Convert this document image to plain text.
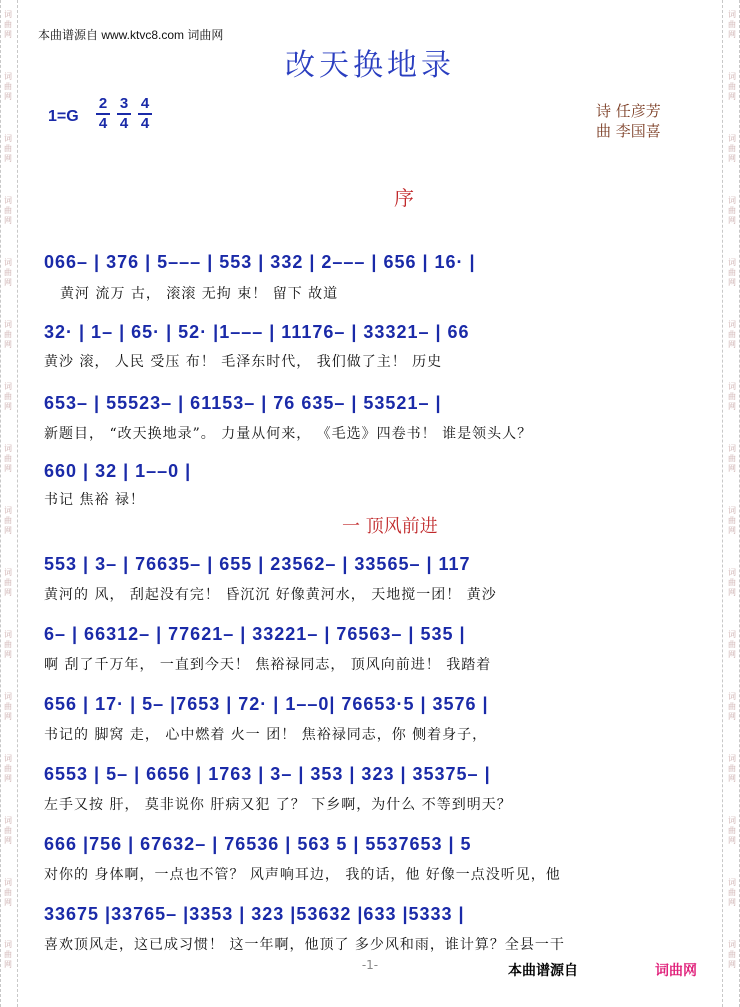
词
曲
网
词
曲
网
词
曲
网
词
曲
网
词
曲
网
词
曲
网
词
曲
网
词
曲
网
词
曲
网
词
曲
网
词
曲
网
词
曲
网
词
曲
网
词
曲
网
词
曲
网
词
曲
网
词
曲
网
词
曲
网
词
曲
网
词
曲
网
词
曲
网
词
曲
网
词
曲
网
词
曲
网
词
曲
网
词
曲
网
词
曲
网
词
曲
网
词
曲
网
词
曲
网
词
曲
网
词
曲
网
本曲谱源自 www.ktvc8.com 词曲网
改天换地录
1=G
2
4
3
4
4
4
诗 任彦芳
曲 李国喜
序
一 顶风前进
066– | 376 | 5––– | 553 | 332 | 2––– | 656 | 16· |
黄河 流万 古， 滚滚 无拘 束！ 留下 故道
32· | 1– | 65· | 52· |1––– | 11176– | 33321– | 66
黄沙 滚， 人民 受压 布！ 毛泽东时代， 我们做了主！ 历史
653– | 55523– | 61153– | 76 635– | 53521– |
新题目， “改天换地录”。 力量从何来， 《毛选》四卷书！ 谁是领头人？
660 | 32 | 1––0 |
书记 焦裕 禄！
553 | 3– | 76635– | 655 | 23562– | 33565– | 117
黄河的 风， 刮起没有完！ 昏沉沉 好像黄河水， 天地搅一团！ 黄沙
6– | 66312– | 77621– | 33221– | 76563– | 535 |
啊 刮了千万年， 一直到今天！ 焦裕禄同志， 顶风向前进！ 我踏着
656 | 17· | 5– |7653 | 72· | 1––0| 76653·5 | 3576 |
书记的 脚窝 走， 心中燃着 火一 团！ 焦裕禄同志，你 侧着身子，
6553 | 5– | 6656 | 1763 | 3– | 353 | 323 | 35375– |
左手又按 肝， 莫非说你 肝病又犯 了？ 下乡啊，为什么 不等到明天？
666 |756 | 67632– | 76536 | 563 5 | 5537653 | 5
对你的 身体啊，一点也不管？ 风声响耳边， 我的话，他 好像一点没听见，他
33675 |33765– |3353 | 323 |53632 |633 |5333 |
喜欢顶风走，这已成习惯！ 这一年啊，他顶了 多少风和雨，谁计算？全县一干
-1-	本曲谱源自	词曲网
